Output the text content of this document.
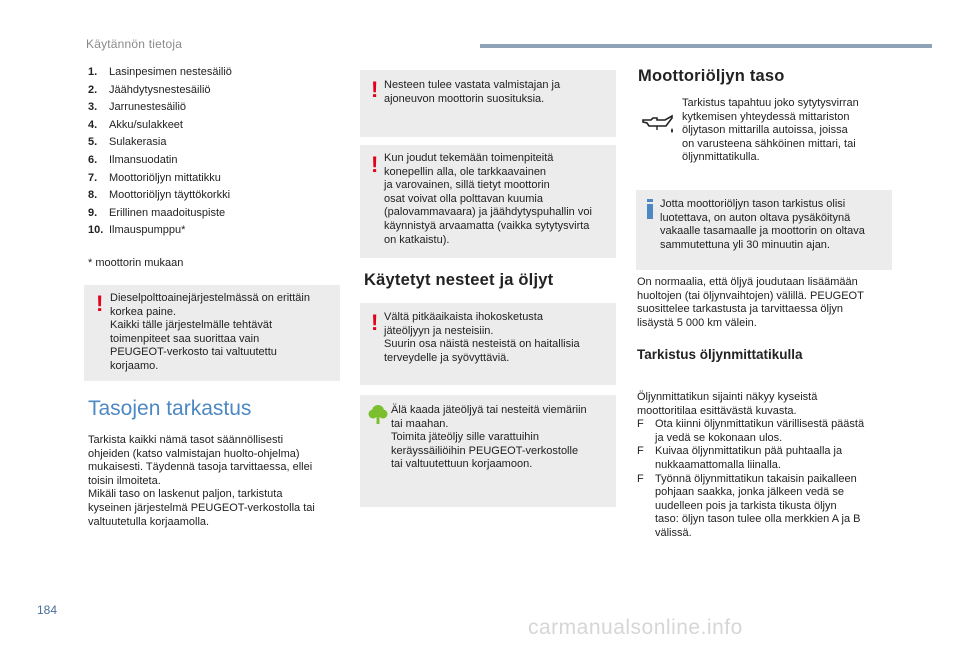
Käytännön tietoja
1. Lasinpesimen nestesäiliö
2. Jäähdytysnestesäiliö
3. Jarrunestesäiliö
4. Akku/sulakkeet
5. Sulakerasia
6. Ilmansuodatin
7. Moottoriöljyn mittatikku
8. Moottoriöljyn täyttökorkki
9. Erillinen maadoituspiste
10. Ilmauspumppu*
* moottorin mukaan
! Dieselpolttoainejärjestelmässä on erittäin
korkea paine.
Kaikki tälle järjestelmälle tehtävät
toimenpiteet saa suorittaa vain
PEUGEOT-verkosto tai valtuutettu
korjaamo.
Tasojen tarkastus
Tarkista kaikki nämä tasot säännöllisesti
ohjeiden (katso valmistajan huolto-ohjelma)
mukaisesti. Täydennä tasoja tarvittaessa, ellei
toisin ilmoiteta.
Mikäli taso on laskenut paljon, tarkistuta
kyseinen järjestelmä PEUGEOT-verkostolla tai
valtuutetulla korjaamolla.
! Nesteen tulee vastata valmistajan ja
ajoneuvon moottorin suosituksia.
! Kun joudut tekemään toimenpiteitä
konepellin alla, ole tarkkaavainen
ja varovainen, sillä tietyt moottorin
osat voivat olla polttavan kuumia
(palovammavaara) ja jäähdytyspuhallin voi
käynnistyä arvaamatta (vaikka sytytysvirta
on katkaistu).
Käytetyt nesteet ja öljyt
! Vältä pitkäaikaista ihokosketusta
jäteöljyyn ja nesteisiin.
Suurin osa näistä nesteistä on haitallisia
terveydelle ja syövyttäviä.
Älä kaada jäteöljyä tai nesteitä viemäriin
tai maahan.
Toimita jäteöljy sille varattuihin
keräyssäiliöihin PEUGEOT-verkostolle
tai valtuutettuun korjaamoon.
Moottoriöljyn taso
Tarkistus tapahtuu joko sytytysvirran
kytkemisen yhteydessä mittariston
öljytason mittarilla autoissa, joissa
on varusteena sähköinen mittari, tai
öljynmittatikulla.
Jotta moottoriöljyn tason tarkistus olisi
luotettava, on auton oltava pysäköitynä
vakaalle tasamaalle ja moottorin on oltava
sammutettuna yli 30 minuutin ajan.
On normaalia, että öljyä joudutaan lisäämään
huoltojen (tai öljynvaihtojen) välillä. PEUGEOT
suosittelee tarkastusta ja tarvittaessa öljyn
lisäystä 5 000 km välein.
Tarkistus öljynmittatikulla
Öljynmittatikun sijainti näkyy kyseistä
moottoritilaa esittävästä kuvasta.
F Ota kiinni öljynmittatikun värillisestä päästä
ja vedä se kokonaan ulos.
F Kuivaa öljynmittatikun pää puhtaalla ja
nukkaamattomalla liinalla.
F Työnnä öljynmittatikun takaisin paikalleen
pohjaan saakka, jonka jälkeen vedä se
uudelleen pois ja tarkista tikusta öljyn
taso: öljyn tason tulee olla merkkien A ja B
välissä.
184
carmanualsonline.info
